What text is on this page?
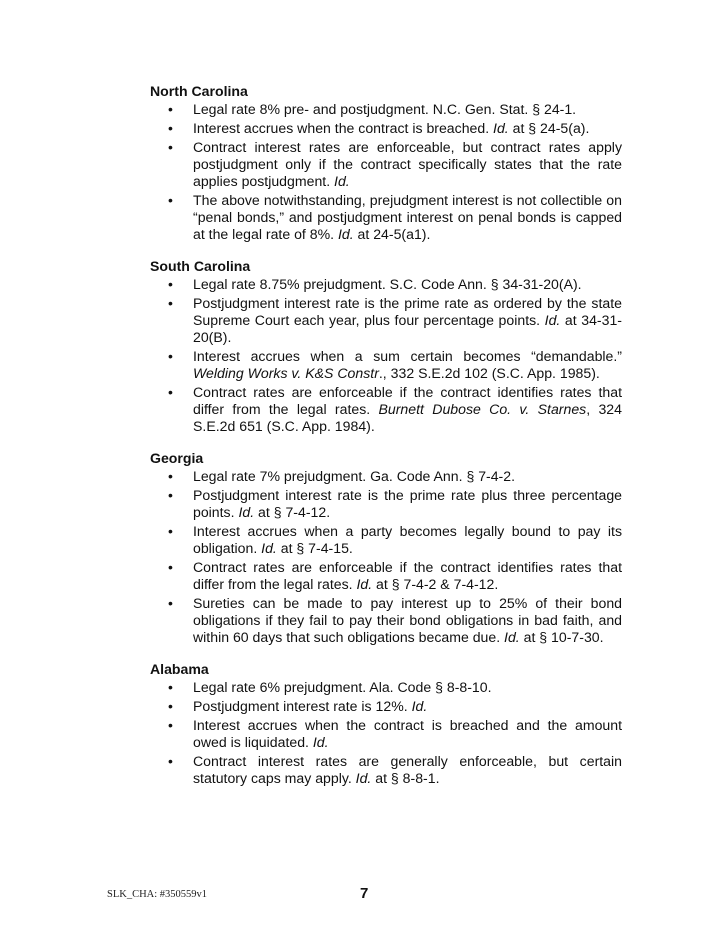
North Carolina

• Legal rate 8% pre- and postjudgment. N.C. Gen. Stat. § 24-1.
• Interest accrues when the contract is breached. Id. at § 24-5(a).
• Contract interest rates are enforceable, but contract rates apply postjudgment only if the contract specifically states that the rate applies postjudgment. Id.
• The above notwithstanding, prejudgment interest is not collectible on “penal bonds,” and postjudgment interest on penal bonds is capped at the legal rate of 8%. Id. at 24-5(a1).

South Carolina

• Legal rate 8.75% prejudgment. S.C. Code Ann. § 34-31-20(A).
• Postjudgment interest rate is the prime rate as ordered by the state Supreme Court each year, plus four percentage points. Id. at 34-31-20(B).
• Interest accrues when a sum certain becomes “demandable.” Welding Works v. K&S Constr., 332 S.E.2d 102 (S.C. App. 1985).
• Contract rates are enforceable if the contract identifies rates that differ from the legal rates. Burnett Dubose Co. v. Starnes, 324 S.E.2d 651 (S.C. App. 1984).

Georgia

• Legal rate 7% prejudgment. Ga. Code Ann. § 7-4-2.
• Postjudgment interest rate is the prime rate plus three percentage points. Id. at § 7-4-12.
• Interest accrues when a party becomes legally bound to pay its obligation. Id. at § 7-4-15.
• Contract rates are enforceable if the contract identifies rates that differ from the legal rates. Id. at § 7-4-2 & 7-4-12.
• Sureties can be made to pay interest up to 25% of their bond obligations if they fail to pay their bond obligations in bad faith, and within 60 days that such obligations became due. Id. at § 10-7-30.

Alabama

• Legal rate 6% prejudgment. Ala. Code § 8-8-10.
• Postjudgment interest rate is 12%. Id.
• Interest accrues when the contract is breached and the amount owed is liquidated. Id.
• Contract interest rates are generally enforceable, but certain statutory caps may apply. Id. at § 8-8-1.
SLK_CHA: #350559v1	7
